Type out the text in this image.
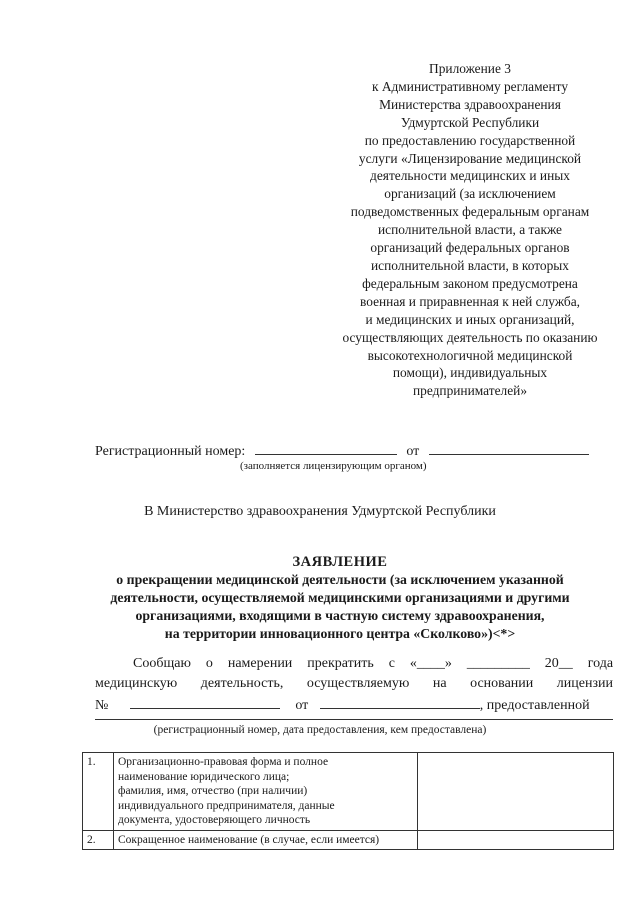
Приложение 3
к Административному регламенту
Министерства здравоохранения
Удмуртской Республики
по предоставлению государственной
услуги «Лицензирование медицинской
деятельности медицинских и иных
организаций (за исключением
подведомственных федеральным органам
исполнительной власти, а также
организаций федеральных органов
исполнительной власти, в которых
федеральным законом предусмотрена
военная и приравненная к ней служба,
и медицинских и иных организаций,
осуществляющих деятельность по оказанию
высокотехнологичной медицинской
помощи), индивидуальных
предпринимателей»
Регистрационный номер:	от
(заполняется лицензирующим органом)
В Министерство здравоохранения Удмуртской Республики
ЗАЯВЛЕНИЕ
о прекращении медицинской деятельности (за исключением указанной
деятельности, осуществляемой медицинскими организациями и другими
организациями, входящими в частную систему здравоохранения,
на территории инновационного центра «Сколково»)<*>
Сообщаю о намерении прекратить с «____» _________ 20__ года
медицинскую деятельность, осуществляемую на основании лицензии
№	от	, предоставленной
(регистрационный номер, дата предоставления, кем предоставлена)
1.	Организационно-правовая форма и полное
наименование юридического лица;
фамилия, имя, отчество (при наличии)
индивидуального предпринимателя, данные
документа, удостоверяющего личность	

2.	Сокращенное наименование (в случае, если имеется)	
